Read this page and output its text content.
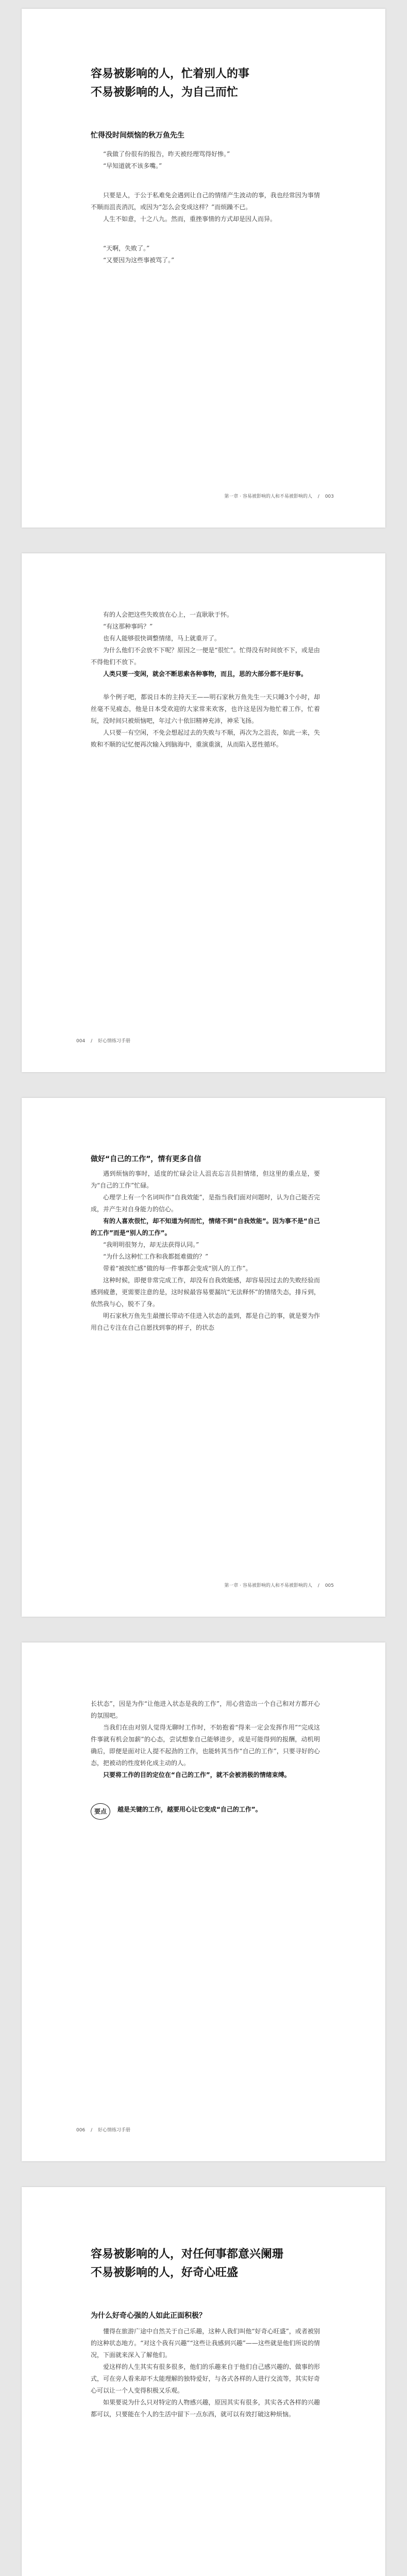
容易被影响的人，忙着别人的事
不易被影响的人，为自己而忙
忙得没时间烦恼的秋万鱼先生

“我做了份很有的报告，昨天被经理骂得好惨。”

“早知道就不该多嘴。”

只要是人，于公于私难免会遇到让自己的情绪产生波动的事，我也经常因为事情不顺而沮丧消沉，或因为“怎么会变成这样？”而烦躁不已。

人生不如意，十之八九。然而，重挫事情的方式却是因人而异。

“天啊，失败了。”

“又要因为这些事被骂了。”

第一章 · 容易被影响的人和不易被影响的人 / 003

有的人会把这些失败放在心上，一直耿耿于怀。

“有这那种事吗？”

也有人能够很快调整情绪，马上就重开了。

为什么他们不会放不下呢？原因之一便是“很忙”。忙得没有时间放不下，或是由不得他们不放下。

人类只要一变闲，就会不断思索各种事物，而且，思的大部分都不是好事。

举个例子吧，都说日本的主持天王——明石家秋万鱼先生一天只睡3个小时，却丝毫不见疲态，他是日本受欢迎的大家常来欢客，也许这是因为他忙着工作，忙着玩，没时间只被烦恼吧，年过六十依旧精神充沛，神采飞扬。

人只要一有空闲，不免会想起过去的失败与不顺，再次为之沮丧，如此一来，失败和不顺的记忆便再次输入到脑海中，重演重演，从而陷入恶性循环。

004 / 好心情练习手册
做好“自己的工作”，情有更多自信

遇到烦恼的事时，适度的忙碌会让人沮丧忘言员担情绪，但这里的重点是，要为“自己的工作”忙碌。

心理学上有一个名词叫作“自我效能”，是指当我们面对问题时，认为自己能否完成，并产生对自身能力的信心。

有的人喜欢很忙，却不知道为何而忙，情绪不到“自我效能”。因为事不是“自己的工作”而是“别人的工作”。

“我明明很努力，却无法获得认同。”

“为什么这种忙工作和我都挺难做的？”

带着“被挨忙感”做的每一件事都会变成“别人的工作”。

这种时候，即便非常完成工作，却没有自我效能感，却容易因过去的失败经验而感到疲惫，更需要注意的是，这时候最容易要漏坑“无法释怀”的情绪失态，排斥到，依然我与心，脱不了身。

明石家秋万鱼先生最擅长带动不佳进入状态的盖到，都是自己的事，就是要为作用自己专注在自己自愿找到事的样子，的状态

第一章 · 容易被影响的人和不易被影响的人 / 005

长状态”，因是为作“让他进入状态是我的工作”，用心营造出一个自己和对方都开心的氛围吧。

当我们在由对别人觉得无聊时工作时，不妨抱着“得来一定会发挥作用”“完成这件事就有机会加薪”的心态，尝试想象自己能够进步，或是可能得到的报酬，动机明确后，即便是面对让人提不起劲的工作，也能转其当作“自己的工作”，只要寻好的心态，把被动的性度转化成主动的人。

只要将工作的目的定位在“自己的工作”，就不会被消极的情绪束缚。

要点	越是关键的工作，越要用心让它变成“自己的工作”。
006 / 好心情练习手册
容易被影响的人，对任何事都意兴阑珊
不易被影响的人，好奇心旺盛
为什么好奇心强的人如此正面积极？

懂得在旅游广途中自然关于自己乐趣，这种人我们叫他“好奇心旺盛”，或者被别的这种状态地方。“对这个我有兴趣”“这些让我感到兴趣”——这些就是他们所说的情况，下面就来深入了解他们。

爱这样的人生其实有很多很多，他们的乐趣来自于他们自己感兴趣的、做事的形式，可在旁人看来却不太能理解的独特爱好，与各式各样的人进行交流等，其实好奇心可以让一个人变得积极又乐观。

如果要说为什么只对特定的人物感兴趣，原因其实有很多，其实各式各样的兴趣都可以，只要能在个人的生活中留下一点东西，就可以有效打破这种烦恼。
